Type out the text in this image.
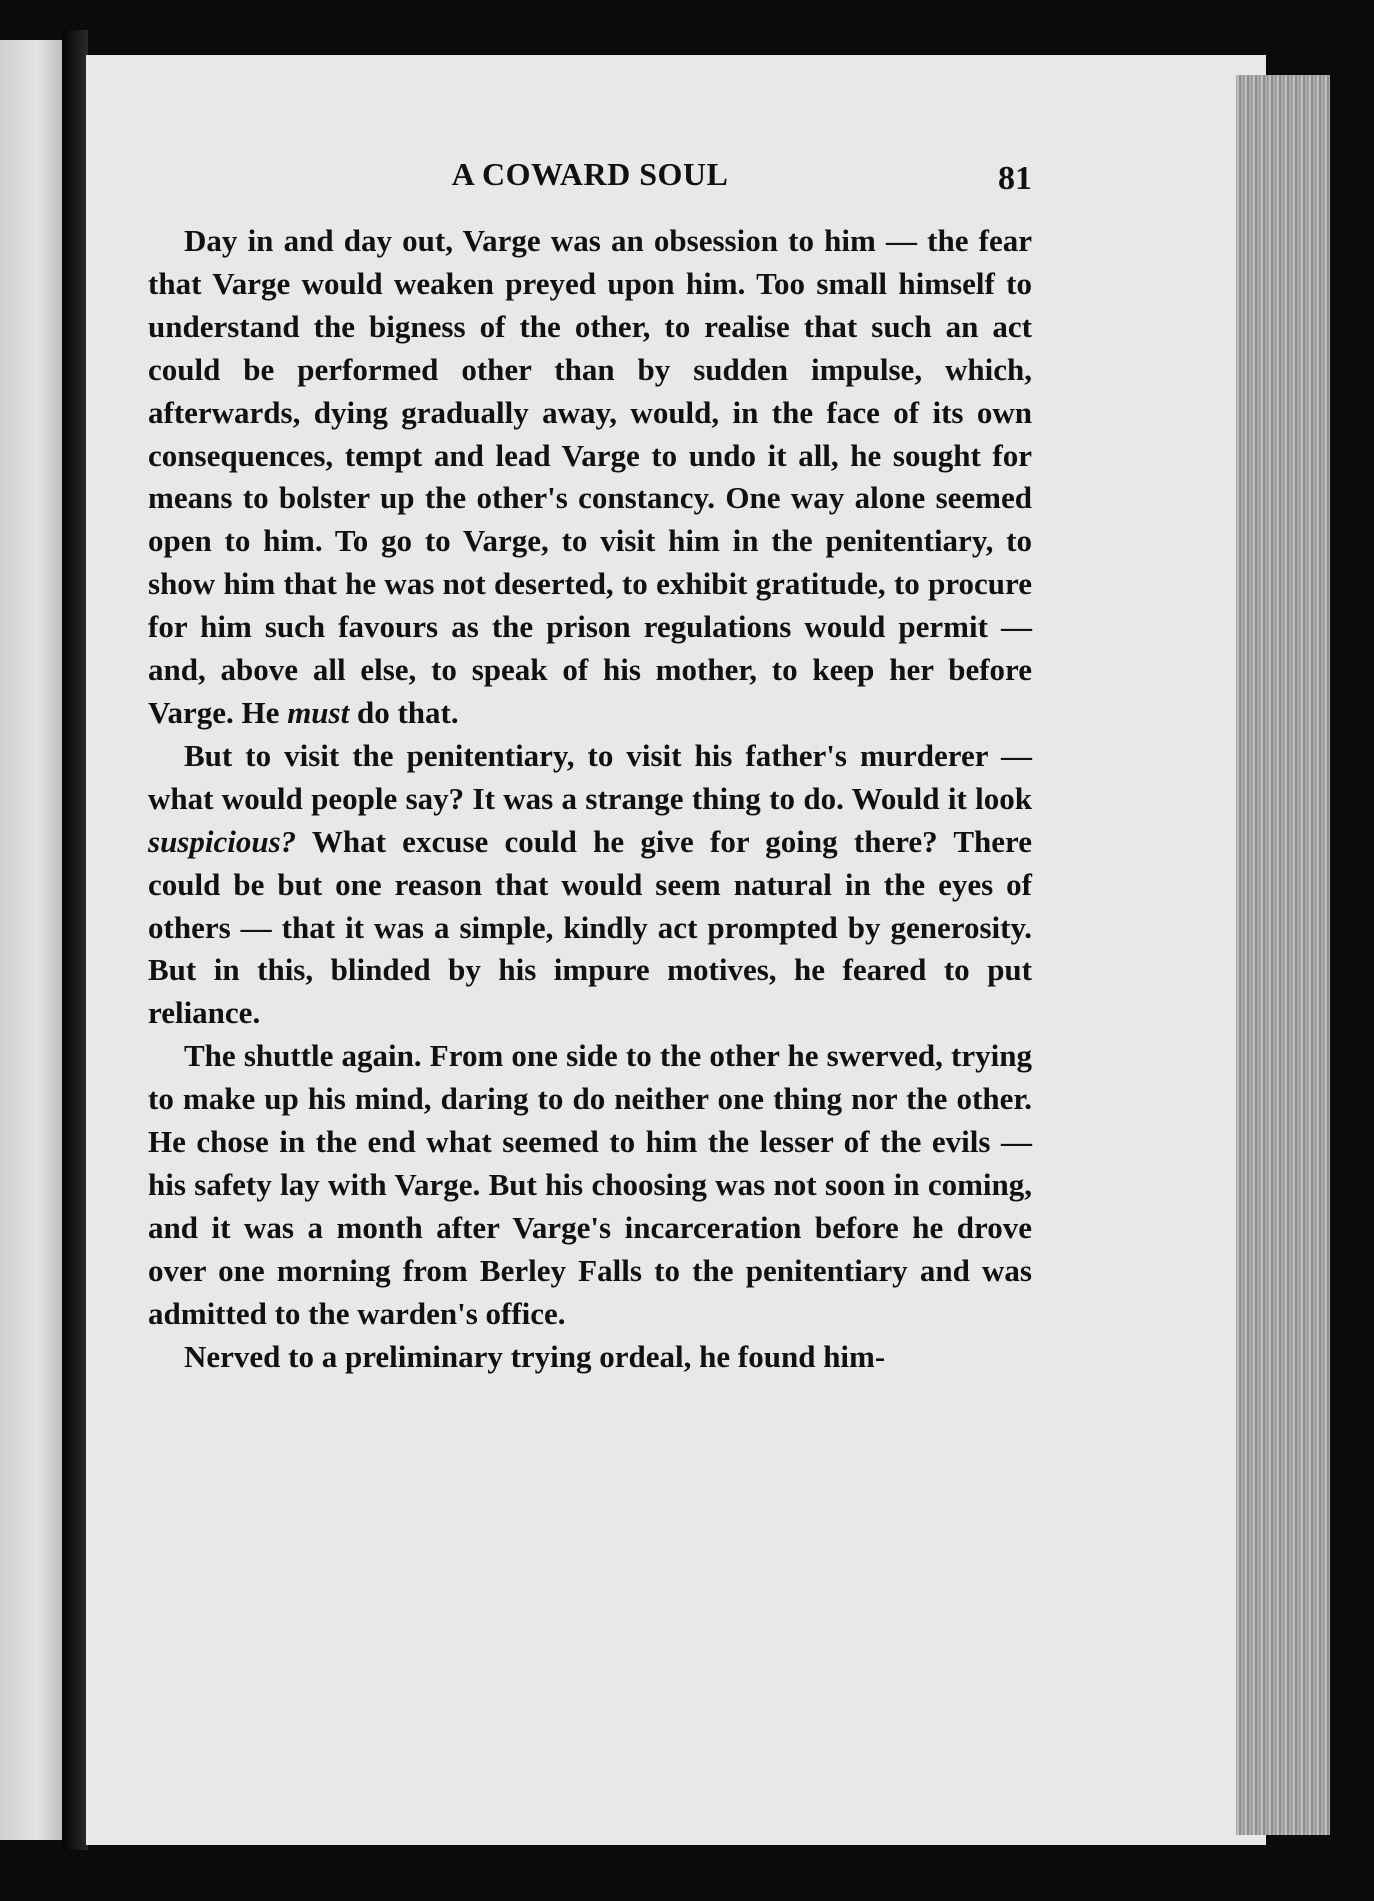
A COWARD SOUL	81

Day in and day out, Varge was an obsession to him — the fear that Varge would weaken preyed upon him. Too small himself to understand the bigness of the other, to realise that such an act could be performed other than by sudden impulse, which, afterwards, dying gradually away, would, in the face of its own consequences, tempt and lead Varge to undo it all, he sought for means to bolster up the other's constancy. One way alone seemed open to him. To go to Varge, to visit him in the penitentiary, to show him that he was not deserted, to exhibit gratitude, to procure for him such favours as the prison regulations would permit — and, above all else, to speak of his mother, to keep her before Varge. He must do that.

But to visit the penitentiary, to visit his father's murderer — what would people say? It was a strange thing to do. Would it look suspicious? What excuse could he give for going there? There could be but one reason that would seem natural in the eyes of others — that it was a simple, kindly act prompted by generosity. But in this, blinded by his impure motives, he feared to put reliance.

The shuttle again. From one side to the other he swerved, trying to make up his mind, daring to do neither one thing nor the other. He chose in the end what seemed to him the lesser of the evils — his safety lay with Varge. But his choosing was not soon in coming, and it was a month after Varge's incarceration before he drove over one morning from Berley Falls to the penitentiary and was admitted to the warden's office.

Nerved to a preliminary trying ordeal, he found him-
